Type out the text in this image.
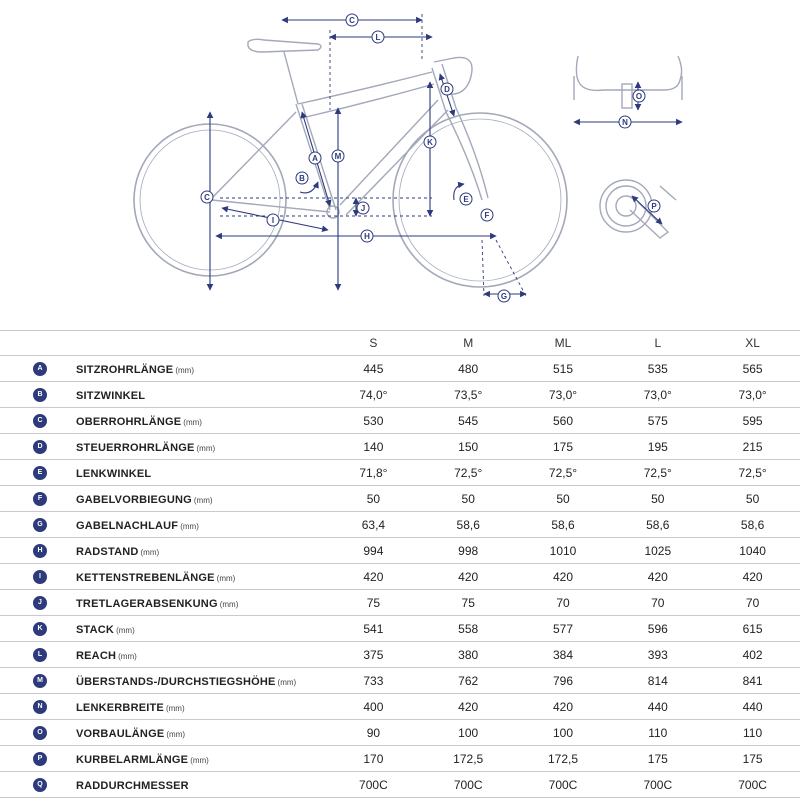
A
B
C
D
E
F
G
H
I
J
K
L
M
N
O
P
C
		S	M	ML	L	XL
A	SITZROHRLÄNGE (mm)	445	480	515	535	565
B	SITZWINKEL	74,0°	73,5°	73,0°	73,0°	73,0°
C	OBERROHRLÄNGE (mm)	530	545	560	575	595
D	STEUERROHRLÄNGE (mm)	140	150	175	195	215
E	LENKWINKEL	71,8°	72,5°	72,5°	72,5°	72,5°
F	GABELVORBIEGUNG (mm)	50	50	50	50	50
G	GABELNACHLAUF (mm)	63,4	58,6	58,6	58,6	58,6
H	RADSTAND (mm)	994	998	1010	1025	1040
I	KETTENSTREBENLÄNGE (mm)	420	420	420	420	420
J	TRETLAGERABSENKUNG (mm)	75	75	70	70	70
K	STACK (mm)	541	558	577	596	615
L	REACH (mm)	375	380	384	393	402
M	ÜBERSTANDS-/DURCHSTIEGSHÖHE (mm)	733	762	796	814	841
N	LENKERBREITE (mm)	400	420	420	440	440
O	VORBAULÄNGE (mm)	90	100	100	110	110
P	KURBELARMLÄNGE (mm)	170	172,5	172,5	175	175
Q	RADDURCHMESSER	700C	700C	700C	700C	700C
